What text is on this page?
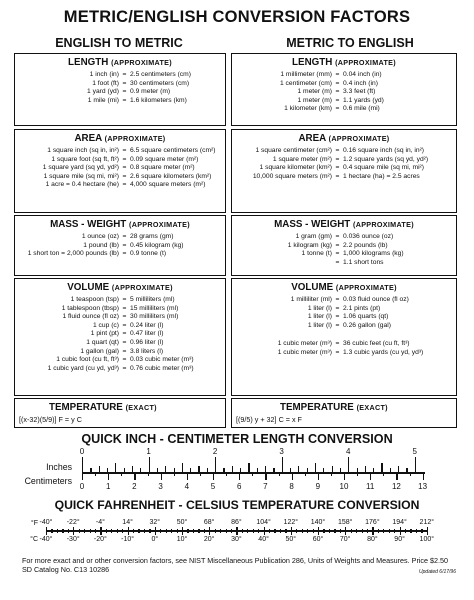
METRIC/ENGLISH CONVERSION FACTORS
ENGLISH TO METRIC	METRIC TO ENGLISH
LENGTH (APPROXIMATE)
1 inch (in) = 2.5 centimeters (cm)
1 foot (ft) = 30 centimeters (cm)
1 yard (yd) = 0.9 meter (m)
1 mile (mi) = 1.6 kilometers (km)
LENGTH (APPROXIMATE)
1 millimeter (mm) = 0.04 inch (in)
1 centimeter (cm) = 0.4 inch (in)
1 meter (m) = 3.3 feet (ft)
1 meter (m) = 1.1 yards (yd)
1 kilometer (km) = 0.6 mile (mi)
AREA (APPROXIMATE)
1 square inch (sq in, in²) = 6.5 square centimeters (cm²)
1 square foot (sq ft, ft²) = 0.09 square meter (m²)
1 square yard (sq yd, yd²) = 0.8 square meter (m²)
1 square mile (sq mi, mi²) = 2.6 square kilometers (km²)
1 acre = 0.4 hectare (he) = 4,000 square meters (m²)
AREA (APPROXIMATE)
1 square centimeter (cm²) = 0.16 square inch (sq in, in²)
1 square meter (m²) = 1.2 square yards (sq yd, yd²)
1 square kilometer (km²) = 0.4 square mile (sq mi, mi²)
10,000 square meters (m²) = 1 hectare (ha) = 2.5 acres
MASS - WEIGHT (APPROXIMATE)
1 ounce (oz) = 28 grams (gm)
1 pound (lb) = 0.45 kilogram (kg)
1 short ton = 2,000 pounds (lb) = 0.9 tonne (t)
MASS - WEIGHT (APPROXIMATE)
1 gram (gm) = 0.036 ounce (oz)
1 kilogram (kg) = 2.2 pounds (lb)
1 tonne (t) = 1,000 kilograms (kg)
= 1.1 short tons
VOLUME (APPROXIMATE)
1 teaspoon (tsp) = 5 milliliters (ml)
1 tablespoon (tbsp) = 15 milliliters (ml)
1 fluid ounce (fl oz) = 30 milliliters (ml)
1 cup (c) = 0.24 liter (l)
1 pint (pt) = 0.47 liter (l)
1 quart (qt) = 0.96 liter (l)
1 gallon (gal) = 3.8 liters (l)
1 cubic foot (cu ft, ft³) = 0.03 cubic meter (m³)
1 cubic yard (cu yd, yd³) = 0.76 cubic meter (m³)
VOLUME (APPROXIMATE)
1 milliliter (ml) = 0.03 fluid ounce (fl oz)
1 liter (l) = 2.1 pints (pt)
1 liter (l) = 1.06 quarts (qt)
1 liter (l) = 0.26 gallon (gal)
1 cubic meter (m³) = 36 cubic feet (cu ft, ft³)
1 cubic meter (m³) = 1.3 cubic yards (cu yd, yd³)
TEMPERATURE (EXACT)
[(x-32)(5/9)] F = y C
TEMPERATURE (EXACT)
[(9/5) y + 32] C = x F
QUICK INCH - CENTIMETER LENGTH CONVERSION
Inches
Centimeters
0	1	2	3	4	5
0	1	2	3	4	5	6	7	8	9	10	11	12	13
QUICK FAHRENHEIT - CELSIUS TEMPERATURE CONVERSION
°F
°C
-40°
-40°
-22°
-30°
-4°
-20°
14°
-10°
32°
0°
50°
10°
68°
20°
86°
30°
104°
40°
122°
50°
140°
60°
158°
70°
176°
80°
194°
90°
212°
100°
For more exact and or other conversion factors, see NIST Miscellaneous Publication 286, Units of Weights and Measures. Price $2.50 SD Catalog No. C13 10286	Updated 6/17/96
